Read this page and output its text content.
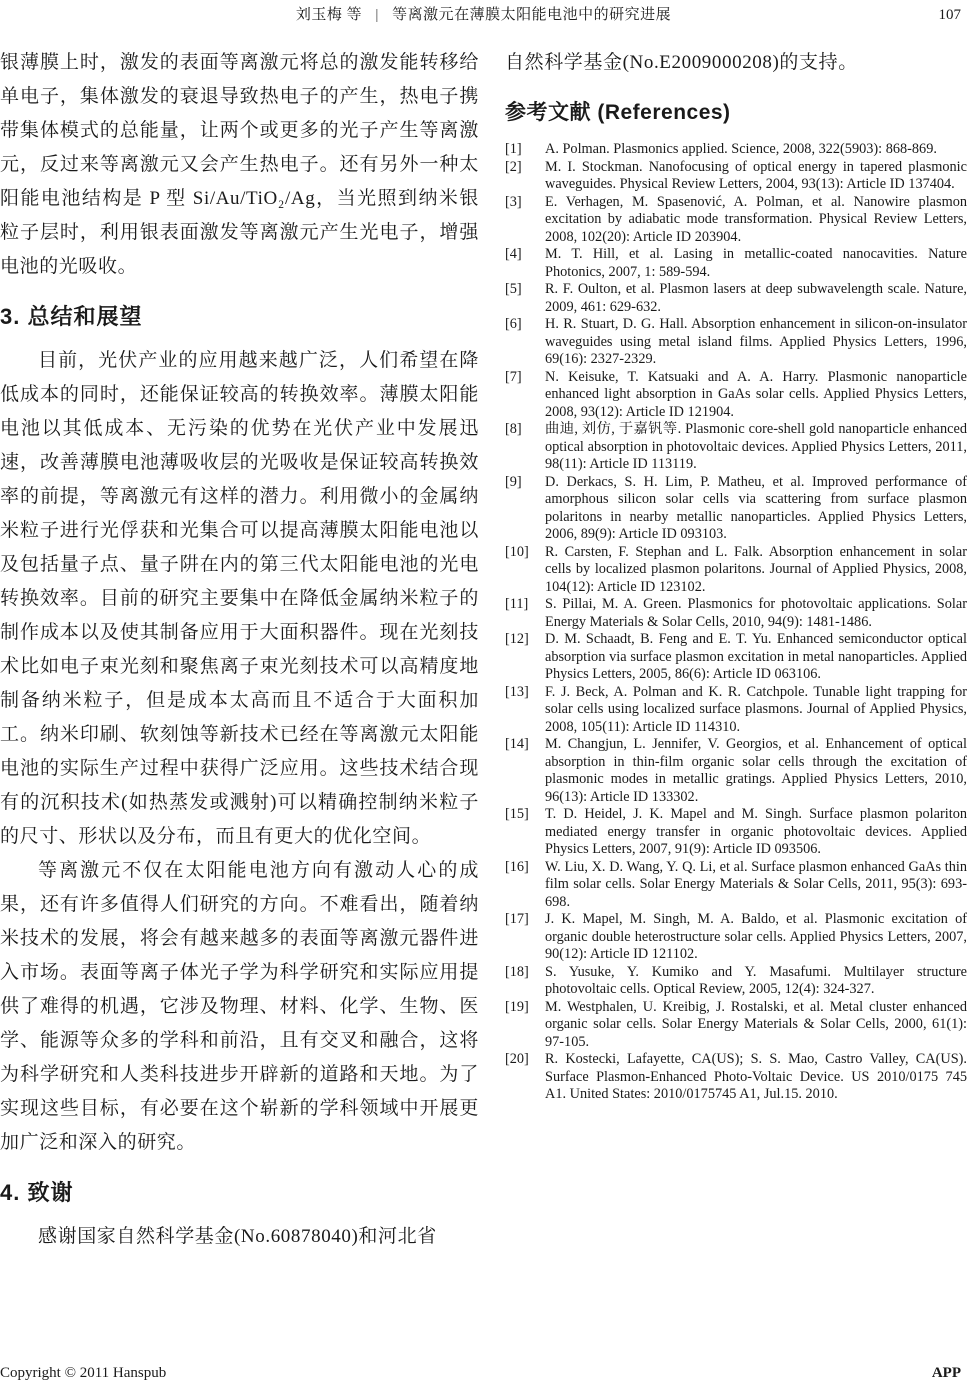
刘玉梅 等 | 等离激元在薄膜太阳能电池中的研究进展	107

银薄膜上时，激发的表面等离激元将总的激发能转移给单电子，集体激发的衰退导致热电子的产生，热电子携带集体模式的总能量，让两个或更多的光子产生等离激元，反过来等离激元又会产生热电子。还有另外一种太阳能电池结构是 P 型 Si/Au/TiO₂/Ag，当光照到纳米银粒子层时，利用银表面激发等离激元产生光电子，增强电池的光吸收。

3. 总结和展望

目前，光伏产业的应用越来越广泛，人们希望在降低成本的同时，还能保证较高的转换效率。薄膜太阳能电池以其低成本、无污染的优势在光伏产业中发展迅速，改善薄膜电池薄吸收层的光吸收是保证较高转换效率的前提，等离激元有这样的潜力。利用微小的金属纳米粒子进行光俘获和光集合可以提高薄膜太阳能电池以及包括量子点、量子阱在内的第三代太阳能电池的光电转换效率。目前的研究主要集中在降低金属纳米粒子的制作成本以及使其制备应用于大面积器件。现在光刻技术比如电子束光刻和聚焦离子束光刻技术可以高精度地制备纳米粒子，但是成本太高而且不适合于大面积加工。纳米印刷、软刻蚀等新技术已经在等离激元太阳能电池的实际生产过程中获得广泛应用。这些技术结合现有的沉积技术(如热蒸发或溅射)可以精确控制纳米粒子的尺寸、形状以及分布，而且有更大的优化空间。

等离激元不仅在太阳能电池方向有激动人心的成果，还有许多值得人们研究的方向。不难看出，随着纳米技术的发展，将会有越来越多的表面等离激元器件进入市场。表面等离子体光子学为科学研究和实际应用提供了难得的机遇，它涉及物理、材料、化学、生物、医学、能源等众多的学科和前沿，且有交叉和融合，这将为科学研究和人类科技进步开辟新的道路和天地。为了实现这些目标，有必要在这个崭新的学科领域中开展更加广泛和深入的研究。

4. 致谢

感谢国家自然科学基金(No.60878040)和河北省

自然科学基金(No.E2009000208)的支持。

参考文献 (References)
[1]	A. Polman. Plasmonics applied. Science, 2008, 322(5903): 868-869.
[2]	M. I. Stockman. Nanofocusing of optical energy in tapered plasmonic waveguides. Physical Review Letters, 2004, 93(13): Article ID 137404.
[3]	E. Verhagen, M. Spasenović, A. Polman, et al. Nanowire plasmon excitation by adiabatic mode transformation. Physical Review Letters, 2008, 102(20): Article ID 203904.
[4]	M. T. Hill, et al. Lasing in metallic-coated nanocavities. Nature Photonics, 2007, 1: 589-594.
[5]	R. F. Oulton, et al. Plasmon lasers at deep subwavelength scale. Nature, 2009, 461: 629-632.
[6]	H. R. Stuart, D. G. Hall. Absorption enhancement in silicon-on-insulator waveguides using metal island films. Applied Physics Letters, 1996, 69(16): 2327-2329.
[7]	N. Keisuke, T. Katsuaki and A. A. Harry. Plasmonic nanoparticle enhanced light absorption in GaAs solar cells. Applied Physics Letters, 2008, 93(12): Article ID 121904.
[8]	曲迪, 刘仿, 于嘉钒等. Plasmonic core-shell gold nanoparticle enhanced optical absorption in photovoltaic devices. Applied Physics Letters, 2011, 98(11): Article ID 113119.
[9]	D. Derkacs, S. H. Lim, P. Matheu, et al. Improved performance of amorphous silicon solar cells via scattering from surface plasmon polaritons in nearby metallic nanoparticles. Applied Physics Letters, 2006, 89(9): Article ID 093103.
[10]	R. Carsten, F. Stephan and L. Falk. Absorption enhancement in solar cells by localized plasmon polaritons. Journal of Applied Physics, 2008, 104(12): Article ID 123102.
[11]	S. Pillai, M. A. Green. Plasmonics for photovoltaic applications. Solar Energy Materials & Solar Cells, 2010, 94(9): 1481-1486.
[12]	D. M. Schaadt, B. Feng and E. T. Yu. Enhanced semiconductor optical absorption via surface plasmon excitation in metal nanoparticles. Applied Physics Letters, 2005, 86(6): Article ID 063106.
[13]	F. J. Beck, A. Polman and K. R. Catchpole. Tunable light trapping for solar cells using localized surface plasmons. Journal of Applied Physics, 2008, 105(11): Article ID 114310.
[14]	M. Changjun, L. Jennifer, V. Georgios, et al. Enhancement of optical absorption in thin-film organic solar cells through the excitation of plasmonic modes in metallic gratings. Applied Physics Letters, 2010, 96(13): Article ID 133302.
[15]	T. D. Heidel, J. K. Mapel and M. Singh. Surface plasmon polariton mediated energy transfer in organic photovoltaic devices. Applied Physics Letters, 2007, 91(9): Article ID 093506.
[16]	W. Liu, X. D. Wang, Y. Q. Li, et al. Surface plasmon enhanced GaAs thin film solar cells. Solar Energy Materials & Solar Cells, 2011, 95(3): 693-698.
[17]	J. K. Mapel, M. Singh, M. A. Baldo, et al. Plasmonic excitation of organic double heterostructure solar cells. Applied Physics Letters, 2007, 90(12): Article ID 121102.
[18]	S. Yusuke, Y. Kumiko and Y. Masafumi. Multilayer structure photovoltaic cells. Optical Review, 2005, 12(4): 324-327.
[19]	M. Westphalen, U. Kreibig, J. Rostalski, et al. Metal cluster enhanced organic solar cells. Solar Energy Materials & Solar Cells, 2000, 61(1): 97-105.
[20]	R. Kostecki, Lafayette, CA(US); S. S. Mao, Castro Valley, CA(US). Surface Plasmon-Enhanced Photo-Voltaic Device. US 2010/0175 745 A1. United States: 2010/0175745 A1, Jul.15. 2010.
Copyright © 2011 Hanspub	APP
